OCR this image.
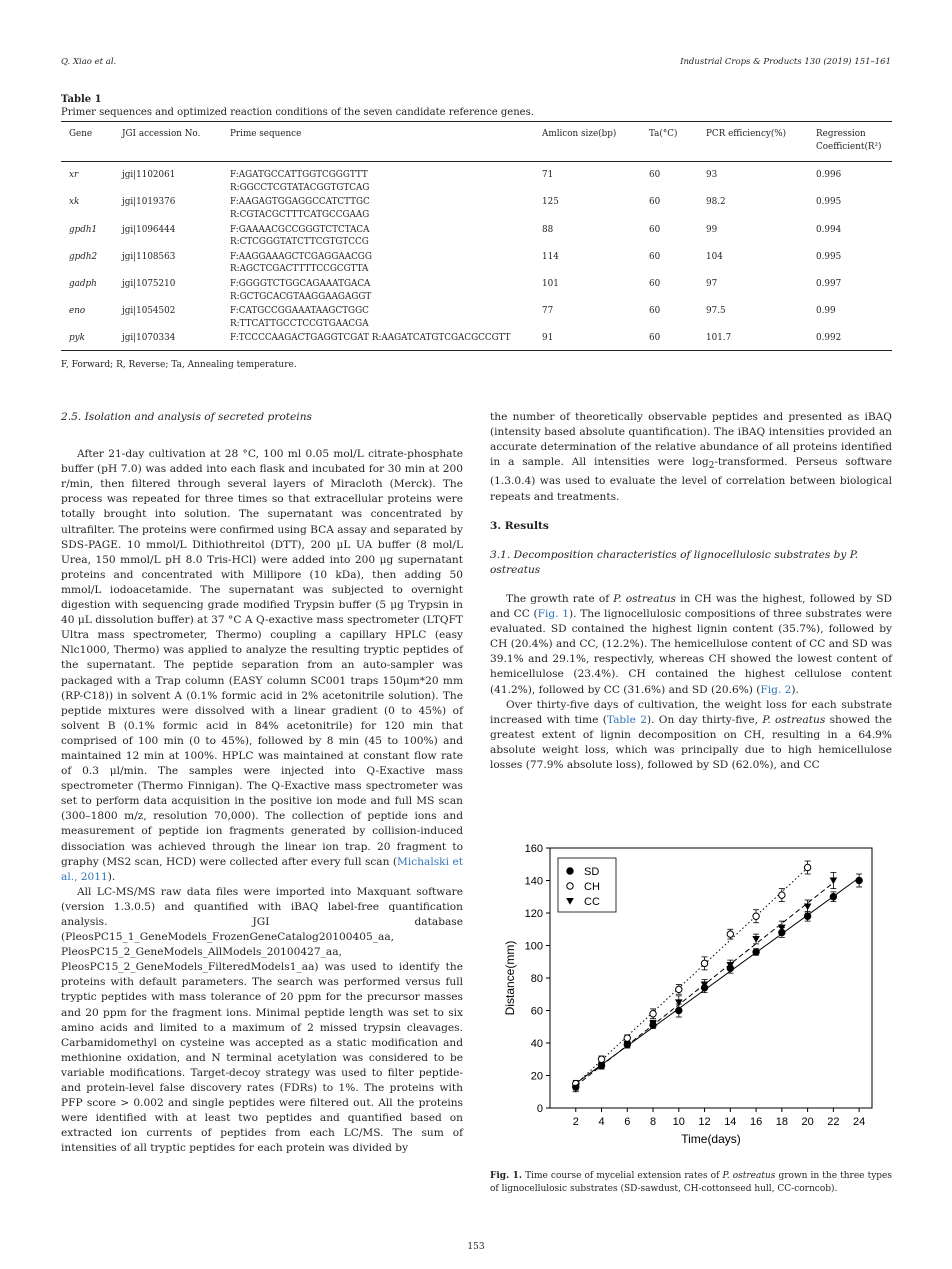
Q. Xiao et al.	Industrial Crops & Products 130 (2019) 151–161
Table 1
Primer sequences and optimized reaction conditions of the seven candidate reference genes.
Gene	JGI accession No.	Prime sequence	Amlicon size(bp)	Ta(°C)	PCR efficiency(%)	Regression Coefficient(R²)
xr	jgi|1102061	F:AGATGCCATTGGTCGGGTTT
R:GGCCTCGTATACGGTGTCAG	71	60	93	0.996
xk	jgi|1019376	F:AAGAGTGGAGGCCATCTTGC
R:CGTACGCTTTCATGCCGAAG	125	60	98.2	0.995
gpdh1	jgi|1096444	F:GAAAACGCCGGGTCTCTACA
R:CTCGGGTATCTTCGTGTCCG	88	60	99	0.994
gpdh2	jgi|1108563	F:AAGGAAAGCTCGAGGAACGG
R:AGCTCGACTTTTCCGCGTTA	114	60	104	0.995
gadph	jgi|1075210	F:GGGGTCTGGCAGAAATGACA
R:GCTGCACGTAAGGAAGAGGT	101	60	97	0.997
eno	jgi|1054502	F:CATGCCGGAAATAAGCTGGC
R:TTCATTGCCTCCGTGAACGA	77	60	97.5	0.99
pyk	jgi|1070334	F:TCCCCAAGACTGAGGTCGAT R:AAGATCATGTCGACGCCGTT	91	60	101.7	0.992
F, Forward; R, Reverse; Ta, Annealing temperature.

2.5. Isolation and analysis of secreted proteins

After 21-day cultivation at 28 °C, 100 ml 0.05 mol/L citrate-phosphate buffer (pH 7.0) was added into each flask and incubated for 30 min at 200 r/min, then filtered through several layers of Miracloth (Merck). The process was repeated for three times so that extracellular proteins were totally brought into solution. The supernatant was concentrated by ultrafilter. The proteins were confirmed using BCA assay and separated by SDS-PAGE. 10 mmol/L Dithiothreitol (DTT), 200 μL UA buffer (8 mol/L Urea, 150 mmol/L pH 8.0 Tris-HCl) were added into 200 μg supernatant proteins and concentrated with Millipore (10 kDa), then adding 50 mmol/L iodoacetamide. The supernatant was subjected to overnight digestion with sequencing grade modified Trypsin buffer (5 μg Trypsin in 40 μL dissolution buffer) at 37 °C A Q-exactive mass spectrometer (LTQFT Ultra mass spectrometer, Thermo) coupling a capillary HPLC (easy Nlc1000, Thermo) was applied to analyze the resulting tryptic peptides of the supernatant. The peptide separation from an auto-sampler was packaged with a Trap column (EASY column SC001 traps 150μm*20 mm (RP-C18)) in solvent A (0.1% formic acid in 2% acetonitrile solution). The peptide mixtures were dissolved with a linear gradient (0 to 45%) of solvent B (0.1% formic acid in 84% acetonitrile) for 120 min that comprised of 100 min (0 to 45%), followed by 8 min (45 to 100%) and maintained 12 min at 100%. HPLC was maintained at constant flow rate of 0.3 μl/min. The samples were injected into Q-Exactive mass spectrometer (Thermo Finnigan). The Q-Exactive mass spectrometer was set to perform data acquisition in the positive ion mode and full MS scan (300–1800 m/z, resolution 70,000). The collection of peptide ions and measurement of peptide ion fragments generated by collision-induced dissociation was achieved through the linear ion trap. 20 fragment to graphy (MS2 scan, HCD) were collected after every full scan (Michalski et al., 2011).

All LC-MS/MS raw data files were imported into Maxquant software (version 1.3.0.5) and quantified with iBAQ label-free quantification analysis. JGI database (PleosPC15_1_GeneModels_FrozenGeneCatalog20100405_aa, PleosPC15_2_GeneModels_AllModels_20100427_aa, PleosPC15_2_GeneModels_FilteredModels1_aa) was used to identify the proteins with default parameters. The search was performed versus full tryptic peptides with mass tolerance of 20 ppm for the precursor masses and 20 ppm for the fragment ions. Minimal peptide length was set to six amino acids and limited to a maximum of 2 missed trypsin cleavages. Carbamidomethyl on cysteine was accepted as a static modification and methionine oxidation, and N terminal acetylation was considered to be variable modifications. Target-decoy strategy was used to filter peptide- and protein-level false discovery rates (FDRs) to 1%. The proteins with PFP score > 0.002 and single peptides were filtered out. All the proteins were identified with at least two peptides and quantified based on extracted ion currents of peptides from each LC/MS. The sum of intensities of all tryptic peptides for each protein was divided by

the number of theoretically observable peptides and presented as iBAQ (intensity based absolute quantification). The iBAQ intensities provided an accurate determination of the relative abundance of all proteins identified in a sample. All intensities were $\log_2$-transformed. Perseus software (1.3.0.4) was used to evaluate the level of correlation between biological repeats and treatments.

3. Results

3.1. Decomposition characteristics of lignocellulosic substrates by P. ostreatus

The growth rate of P. ostreatus in CH was the highest, followed by SD and CC (Fig. 1). The lignocellulosic compositions of three substrates were evaluated. SD contained the highest lignin content (35.7%), followed by CH (20.4%) and CC, (12.2%). The hemicellulose content of CC and SD was 39.1% and 29.1%, respectivly, whereas CH showed the lowest content of hemicellulose (23.4%). CH contained the highest cellulose content (41.2%), followed by CC (31.6%) and SD (20.6%) (Fig. 2).

Over thirty-five days of cultivation, the weight loss for each substrate increased with time (Table 2). On day thirty-five, P. ostreatus showed the greatest extent of lignin decomposition on CH, resulting in a 64.9% absolute weight loss, which was principally due to high hemicellulose losses (77.9% absolute loss), followed by SD (62.0%), and CC

0
20
40
60
80
100
120
140
160
2 4 6 8 10 12 14 16 18 20 22 24
Time(days)
Distance(mm)
SD
CH
CC
Fig. 1. Time course of mycelial extension rates of P. ostreatus grown in the three types of lignocellulosic substrates (SD-sawdust, CH-cottonseed hull, CC-corncob).
153
